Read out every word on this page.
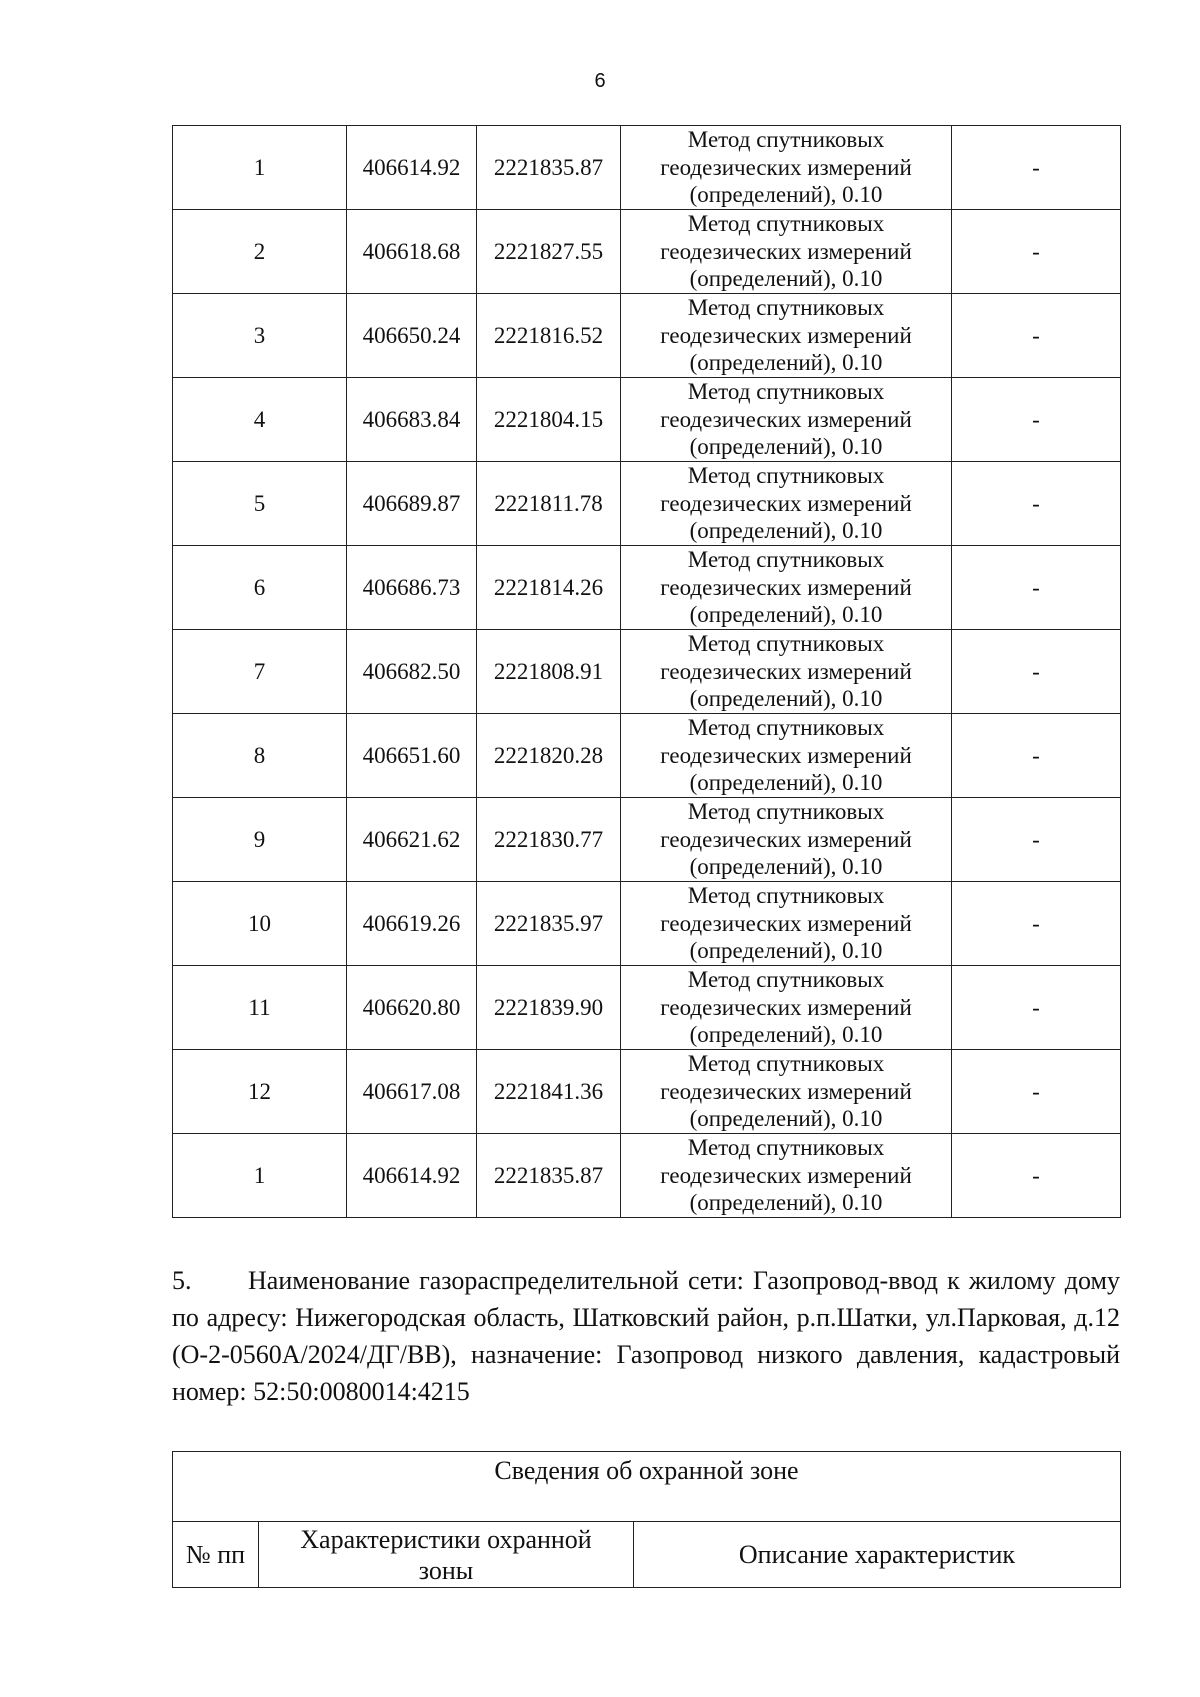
6
1	406614.92	2221835.87	Метод спутниковых
геодезических измерений
(определений), 0.10	-
2	406618.68	2221827.55	Метод спутниковых
геодезических измерений
(определений), 0.10	-
3	406650.24	2221816.52	Метод спутниковых
геодезических измерений
(определений), 0.10	-
4	406683.84	2221804.15	Метод спутниковых
геодезических измерений
(определений), 0.10	-
5	406689.87	2221811.78	Метод спутниковых
геодезических измерений
(определений), 0.10	-
6	406686.73	2221814.26	Метод спутниковых
геодезических измерений
(определений), 0.10	-
7	406682.50	2221808.91	Метод спутниковых
геодезических измерений
(определений), 0.10	-
8	406651.60	2221820.28	Метод спутниковых
геодезических измерений
(определений), 0.10	-
9	406621.62	2221830.77	Метод спутниковых
геодезических измерений
(определений), 0.10	-
10	406619.26	2221835.97	Метод спутниковых
геодезических измерений
(определений), 0.10	-
11	406620.80	2221839.90	Метод спутниковых
геодезических измерений
(определений), 0.10	-
12	406617.08	2221841.36	Метод спутниковых
геодезических измерений
(определений), 0.10	-
1	406614.92	2221835.87	Метод спутниковых
геодезических измерений
(определений), 0.10	-
5. Наименование газораспределительной сети: Газопровод-ввод к жилому дому по адресу: Нижегородская область, Шатковский район, р.п.Шатки, ул.Парковая, д.12 (О-2-0560А/2024/ДГ/ВВ), назначение: Газопровод низкого давления, кадастровый номер: 52:50:0080014:4215
Сведения об охранной зоне
№ пп	Характеристики охранной
зоны	Описание характеристик
